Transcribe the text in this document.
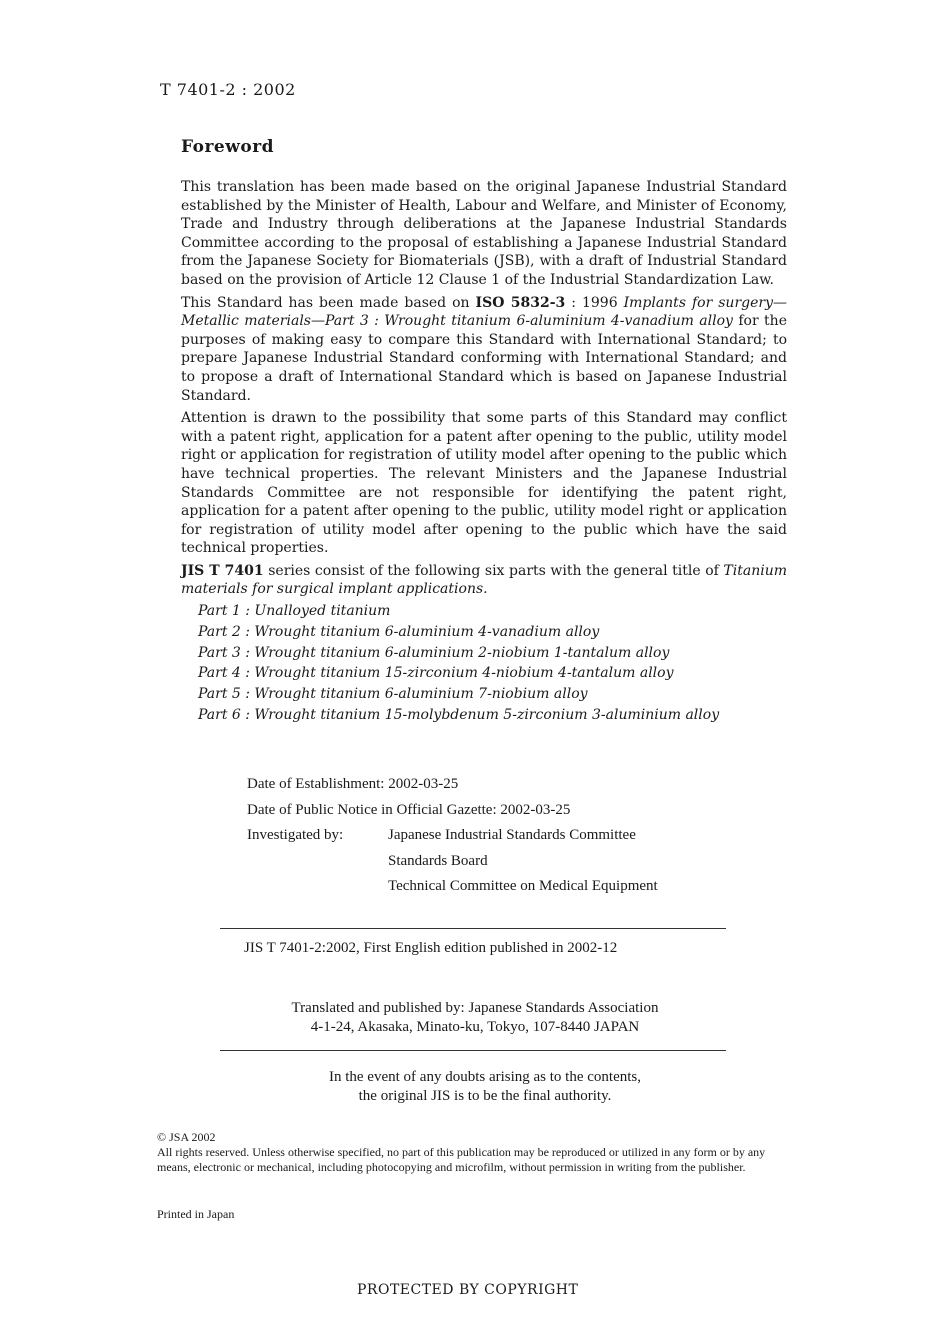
T 7401-2 : 2002
Foreword

This translation has been made based on the original Japanese Industrial Standard established by the Minister of Health, Labour and Welfare, and Minister of Economy, Trade and Industry through deliberations at the Japanese Industrial Standards Committee according to the proposal of establishing a Japanese Industrial Standard from the Japanese Society for Biomaterials (JSB), with a draft of Industrial Standard based on the provision of Article 12 Clause 1 of the Industrial Standardization Law.

This Standard has been made based on ISO 5832-3 : 1996 Implants for surgery—Metallic materials—Part 3 : Wrought titanium 6-aluminium 4-vanadium alloy for the purposes of making easy to compare this Standard with International Standard; to prepare Japanese Industrial Standard conforming with International Standard; and to propose a draft of International Standard which is based on Japanese Industrial Standard.

Attention is drawn to the possibility that some parts of this Standard may conflict with a patent right, application for a patent after opening to the public, utility model right or application for registration of utility model after opening to the public which have technical properties. The relevant Ministers and the Japanese Industrial Standards Committee are not responsible for identifying the patent right, application for a patent after opening to the public, utility model right or application for registration of utility model after opening to the public which have the said technical properties.

JIS T 7401 series consist of the following six parts with the general title of Titanium materials for surgical implant applications.

Part 1 : Unalloyed titanium
Part 2 : Wrought titanium 6-aluminium 4-vanadium alloy
Part 3 : Wrought titanium 6-aluminium 2-niobium 1-tantalum alloy
Part 4 : Wrought titanium 15-zirconium 4-niobium 4-tantalum alloy
Part 5 : Wrought titanium 6-aluminium 7-niobium alloy
Part 6 : Wrought titanium 15-molybdenum 5-zirconium 3-aluminium alloy
Date of Establishment: 2002-03-25
Date of Public Notice in Official Gazette: 2002-03-25
Investigated by:	Japanese Industrial Standards Committee
Standards Board
Technical Committee on Medical Equipment
JIS T 7401-2:2002, First English edition published in 2002-12
Translated and published by: Japanese Standards Association
4-1-24, Akasaka, Minato-ku, Tokyo, 107-8440 JAPAN
In the event of any doubts arising as to the contents,
the original JIS is to be the final authority.
© JSA 2002
All rights reserved. Unless otherwise specified, no part of this publication may be reproduced or utilized in any form or by any means, electronic or mechanical, including photocopying and microfilm, without permission in writing from the publisher.
Printed in Japan
PROTECTED BY COPYRIGHT
